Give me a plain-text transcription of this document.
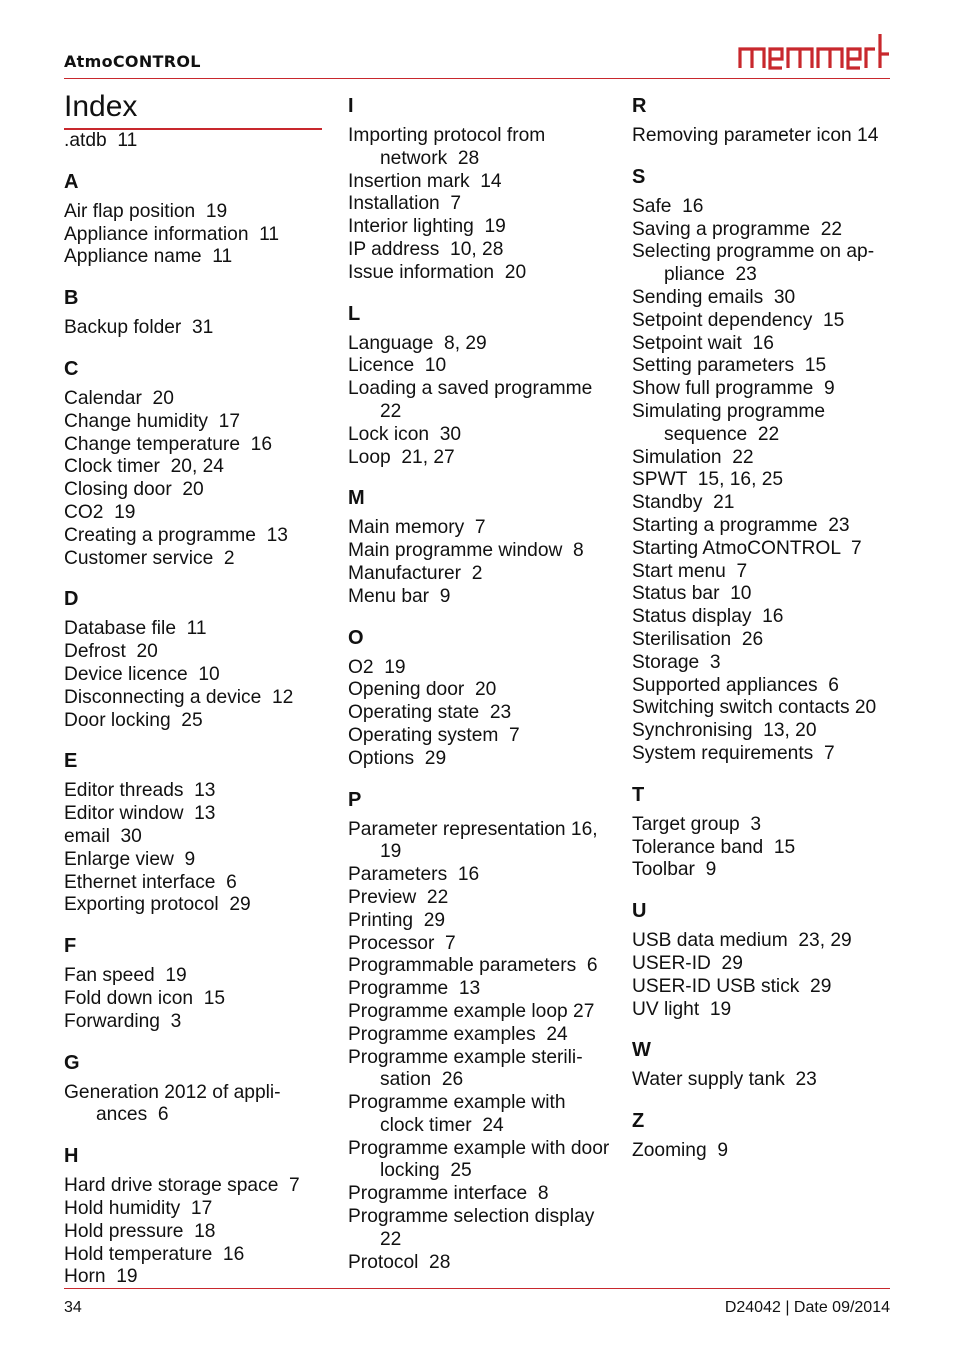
AtmoCONTROL
Index
.atdb  11
A
Air flap position  19
Appliance information  11
Appliance name  11
B
Backup folder  31
C
Calendar  20
Change humidity  17
Change temperature  16
Clock timer  20, 24
Closing door  20
CO2  19
Creating a programme  13
Customer service  2
D
Database file  11
Defrost  20
Device licence  10
Disconnecting a device  12
Door locking  25
E
Editor threads  13
Editor window  13
email  30
Enlarge view  9
Ethernet interface  6
Exporting protocol  29
F
Fan speed  19
Fold down icon  15
Forwarding  3
G
Generation 2012 of appli-ances  6
H
Hard drive storage space  7
Hold humidity  17
Hold pressure  18
Hold temperature  16
Horn  19
I
Importing protocol from network  28
Insertion mark  14
Installation  7
Interior lighting  19
IP address  10, 28
Issue information  20
L
Language  8, 29
Licence  10
Loading a saved programme 22
Lock icon  30
Loop  21, 27
M
Main memory  7
Main programme window  8
Manufacturer  2
Menu bar  9
O
O2  19
Opening door  20
Operating state  23
Operating system  7
Options  29
P
Parameter representation 16, 19
Parameters  16
Preview  22
Printing  29
Processor  7
Programmable parameters  6
Programme  13
Programme example loop 27
Programme examples  24
Programme example sterili-sation  26
Programme example with clock timer  24
Programme example with door locking  25
Programme interface  8
Programme selection display 22
Protocol  28
R
Removing parameter icon 14
S
Safe  16
Saving a programme  22
Selecting programme on ap-pliance  23
Sending emails  30
Setpoint dependency  15
Setpoint wait  16
Setting parameters  15
Show full programme  9
Simulating programme sequence  22
Simulation  22
SPWT  15, 16, 25
Standby  21
Starting a programme  23
Starting AtmoCONTROL  7
Start menu  7
Status bar  10
Status display  16
Sterilisation  26
Storage  3
Supported appliances  6
Switching switch contacts 20
Synchronising  13, 20
System requirements  7
T
Target group  3
Tolerance band  15
Toolbar  9
U
USB data medium  23, 29
USER-ID  29
USER-ID USB stick  29
UV light  19
W
Water supply tank  23
Z
Zooming  9
34	D24042 | Date 09/2014
